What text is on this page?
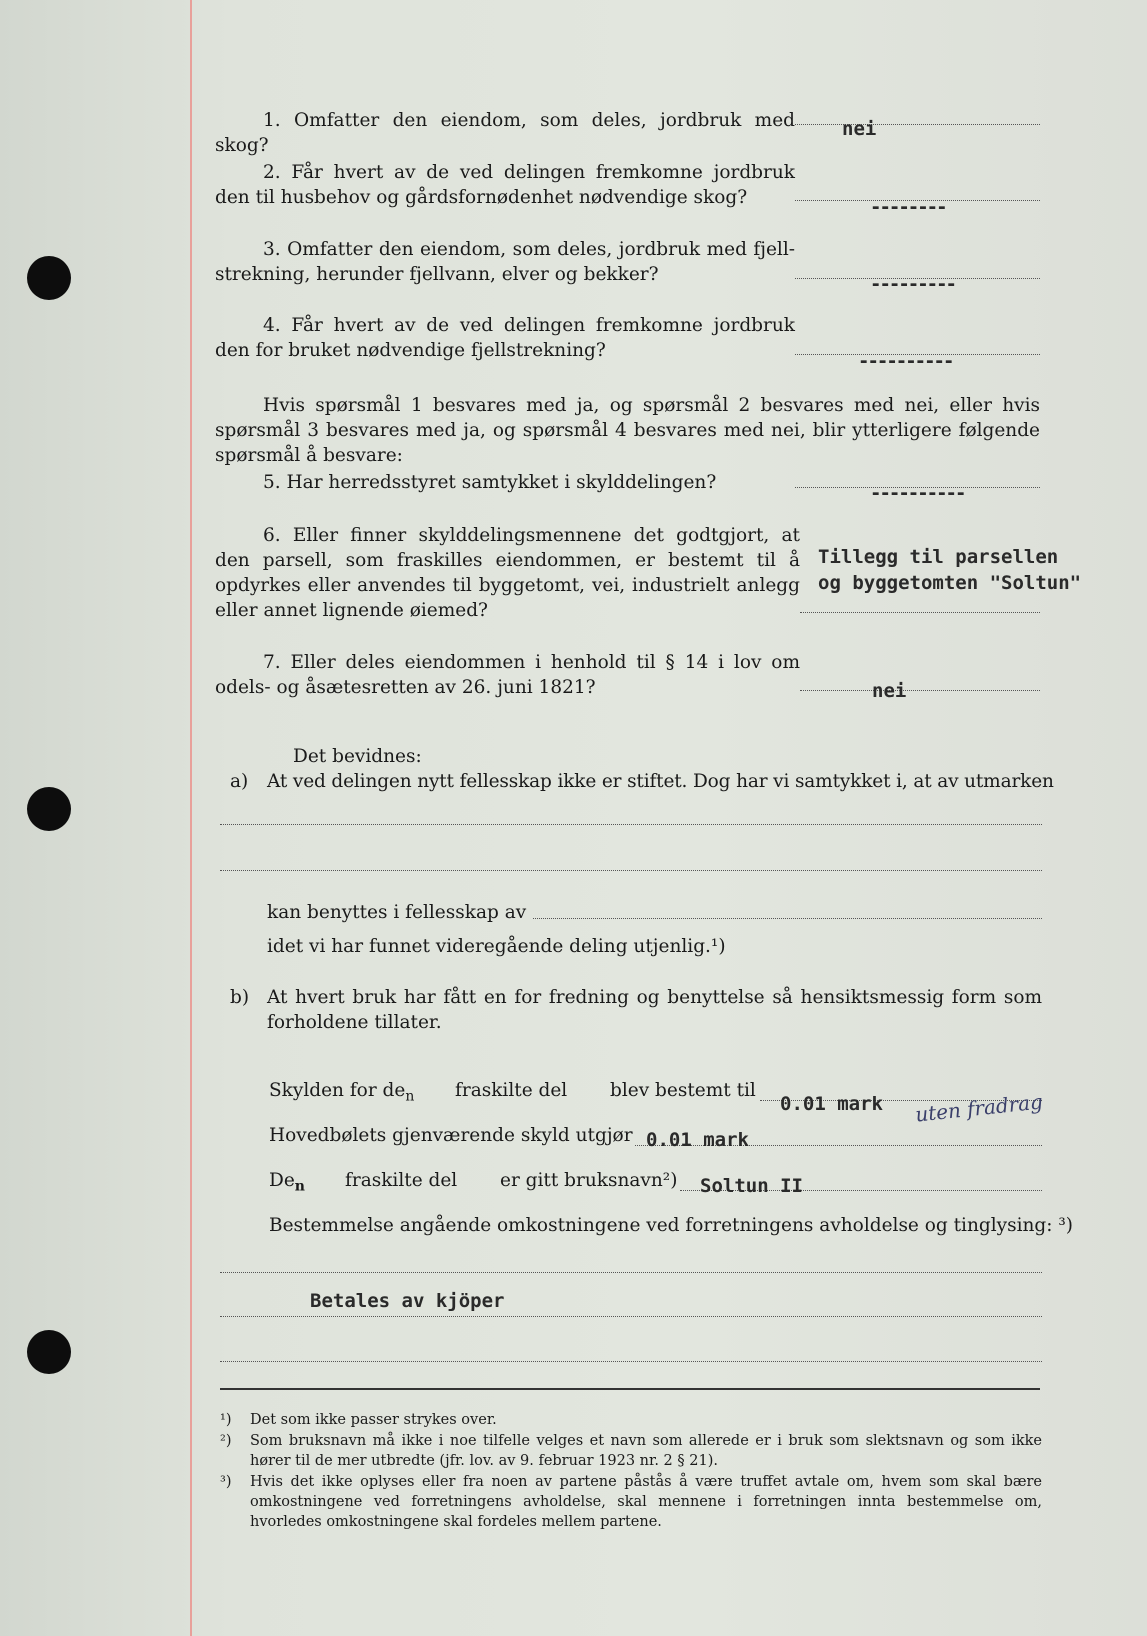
1. Omfatter den eiendom, som deles, jordbruk med skog?
nei
2. Får hvert av de ved delingen fremkomne jordbruk den til husbehov og gårdsfornødenhet nødvendige skog?	--------
3. Omfatter den eiendom, som deles, jordbruk med fjell-strekning, herunder fjellvann, elver og bekker?	---------
4. Får hvert av de ved delingen fremkomne jordbruk den for bruket nødvendige fjellstrekning?	----------
Hvis spørsmål 1 besvares med ja, og spørsmål 2 besvares med nei, eller hvis spørsmål 3 besvares med ja, og spørsmål 4 besvares med nei, blir ytterligere følgende spørsmål å besvare:
5. Har herredsstyret samtykket i skylddelingen?	----------
6. Eller finner skylddelingsmennene det godtgjort, at den parsell, som fraskilles eiendommen, er bestemt til å opdyrkes eller anvendes til byggetomt, vei, industrielt anlegg eller annet lignende øiemed?
Tillegg til parsellen
og byggetomten "Soltun"
7. Eller deles eiendommen i henhold til § 14 i lov om odels- og åsætesretten av 26. juni 1821?	nei
Det bevidnes:
a) At ved delingen nytt fellesskap ikke er stiftet. Dog har vi samtykket i, at av utmarken
kan benyttes i fellesskap av
idet vi har funnet videregående deling utjenlig.¹)
b) At hvert bruk har fått en for fredning og benyttelse så hensiktsmessig form som forholdene tillater.
Skylden for $de_n$ fraskilte del blev bestemt til
0.01 mark uten fradrag
Hovedbølets gjenværende skyld utgjør 0.01 mark
$De_n$ fraskilte del er gitt bruksnavn²) Soltun II
Bestemmelse angående omkostningene ved forretningens avholdelse og tinglysing: ³)
Betales av kjöper
¹)	Det som ikke passer strykes over.
²)	Som bruksnavn må ikke i noe tilfelle velges et navn som allerede er i bruk som slektsnavn og som ikke hører til de mer utbredte (jfr. lov. av 9. februar 1923 nr. 2 § 21).
³)	Hvis det ikke oplyses eller fra noen av partene påstås å være truffet avtale om, hvem som skal bære omkostningene ved forretningens avholdelse, skal mennene i forretningen innta bestemmelse om, hvorledes omkostningene skal fordeles mellem partene.
